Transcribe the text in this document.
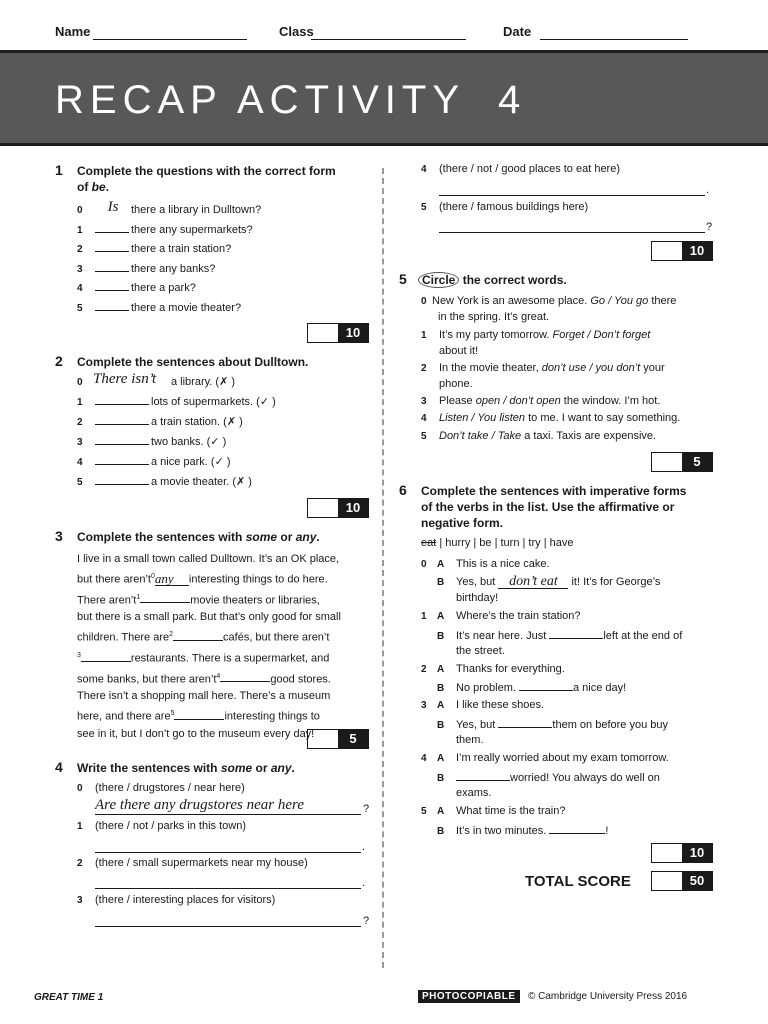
Name	Class	Date
RECAP ACTIVITY 4
1 Complete the questions with the correct form
of be.
0 Is there a library in Dulltown?
1	there any supermarkets?
2	there a train station?
3	there any banks?
4	there a park?
5	there a movie theater?
10
2 Complete the sentences about Dulltown.
0 There isn’t a library. (✗ )
1	lots of supermarkets. (✓ )
2	a train station. (✗ )
3	two banks. (✓ )
4	a nice park. (✓ )
5	a movie theater. (✗ )
10
3 Complete the sentences with some or any.
I live in a small town called Dulltown. It’s an OK place,
but there $aren’t^0any$ interesting things to do here.
There $aren’t^1$	movie theaters or libraries,
but there is a small park. But that’s only good for small
children. There are$^2$	cafés, but there aren’t
$^3$	restaurants. There is a supermarket, and
some banks, but there $aren’t^4$	good stores.
There isn’t a shopping mall here. There’s a museum
here, and there are$^5$	interesting things to
see in it, but I don’t go to the museum every day!	5
4 Write the sentences with some or any.
0 (there / drugstores / near here)
Are there any drugstores near here	?
1 (there / not / parks in this town)
.
2 (there / small supermarkets near my house)
.
3 (there / interesting places for visitors)
?
4 (there / not / good places to eat here)
.
5 (there / famous buildings here)
?
10
5 Circle the correct words.
0 New York is an awesome place. Go / You go there
in the spring. It’s great.
1 It’s my party tomorrow. Forget / Don’t forget
about it!
2 In the movie theater, don’t use / you don’t your
phone.
3 Please open / don’t open the window. I’m hot.
4 Listen / You listen to me. I want to say something.
5 Don’t take / Take a taxi. Taxis are expensive.
5
6 Complete the sentences with imperative forms
of the verbs in the list. Use the affirmative or
negative form.
eat | hurry | be | turn | try | have
0 A This is a nice cake.
B Yes, but don’t eat it! It’s for George’s
birthday!
1 A Where’s the train station?
B It’s near here. Just	left at the end of
the street.
2 A Thanks for everything.
B No problem.	a nice day!
3 A I like these shoes.
B Yes, but	them on before you buy
them.
4 A I’m really worried about my exam tomorrow.
B	worried! You always do well on
exams.
5 A What time is the train?
B It’s in two minutes.	!
10
TOTAL SCORE	50
GREAT TIME 1	PHOTOCOPIABLE	© Cambridge University Press 2016
